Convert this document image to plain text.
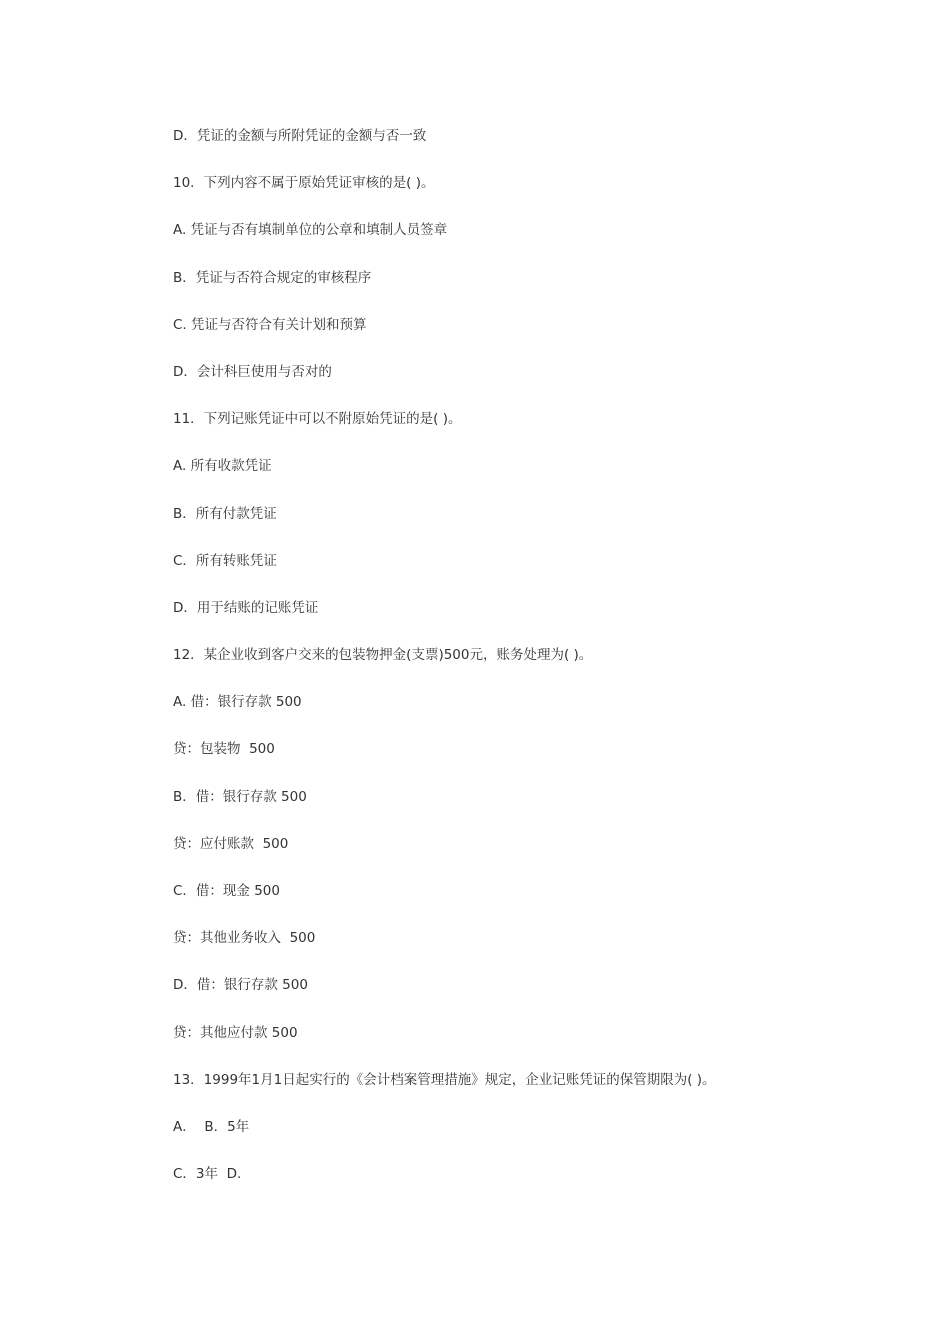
D．凭证的金额与所附凭证的金额与否一致
10．下列内容不属于原始凭证审核的是( )。
A. 凭证与否有填制单位的公章和填制人员签章
B．凭证与否符合规定的审核程序
C. 凭证与否符合有关计划和预算
D．会计科巨使用与否对的
11．下列记账凭证中可以不附原始凭证的是( )。
A. 所有收款凭证
B．所有付款凭证
C．所有转账凭证
D．用于结账的记账凭证
12．某企业收到客户交来的包装物押金(支票)500元，账务处理为( )。
A. 借：银行存款 500
贷：包装物  500
B．借：银行存款 500
贷：应付账款  500
C．借：现金 500
贷：其他业务收入  500
D．借：银行存款 500
贷：其他应付款 500
13．1999年1月1日起实行的《会计档案管理措施》规定，企业记账凭证的保管期限为( )。
A．  B．5年
C．3年  D.
